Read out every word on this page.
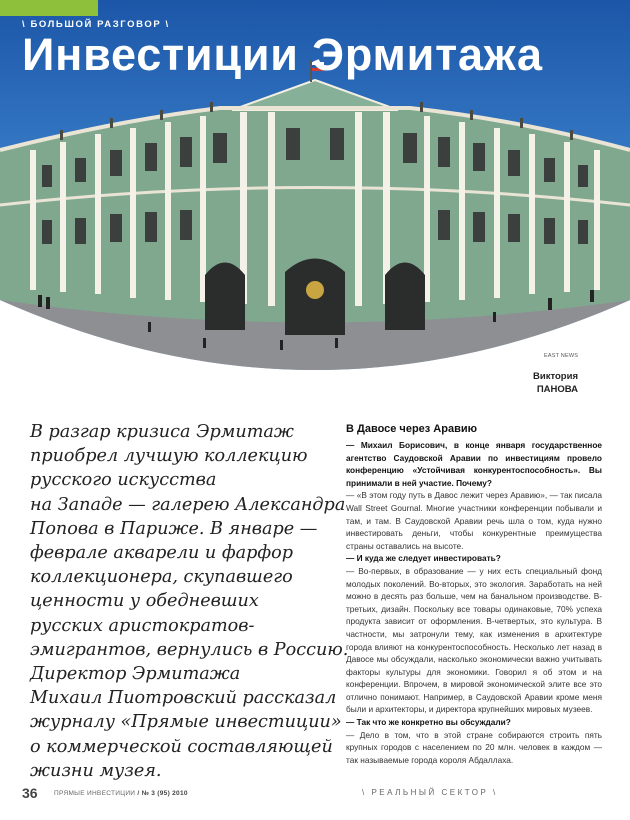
\ БОЛЬШОЙ РАЗГОВОР \
Инвестиции Эрмитажа
EAST NEWS
Виктория
ПАНОВА
В разгар кризиса Эрмитаж
приобрел лучшую коллекцию
русского искусства
на Западе — галерею Александра
Попова в Париже. В январе —
феврале акварели и фарфор
коллекционера, скупавшего
ценности у обедневших
русских аристократов-
эмигрантов, вернулись в Россию.
Директор Эрмитажа
Михаил Пиотровский рассказал
журналу «Прямые инвестиции»
о коммерческой составляющей
жизни музея.
В Давосе через Аравию

— Михаил Борисович, в конце января государственное агентство Саудовской Аравии по инвестициям провело конференцию «Устойчивая конкурентоспособность». Вы принимали в ней участие. Почему?

— «В этом году путь в Давос лежит через Аравию», — так писала Wall Street Gournal. Многие участники конференции побывали и там, и там. В Саудовской Аравии речь шла о том, куда нужно инвестировать деньги, чтобы конкурентные преимущества страны оставались на высоте.

— И куда же следует инвестировать?

— Во-первых, в образование — у них есть специальный фонд молодых поколений. Во-вторых, это экология. Заработать на ней можно в десять раз больше, чем на банальном производстве. В-третьих, дизайн. Поскольку все товары одинаковые, 70% успеха продукта зависит от оформления. В-четвертых, это культура. В частности, мы затронули тему, как изменения в архитектуре города влияют на конкурентоспособность. Несколько лет назад в Давосе мы обсуждали, насколько экономически важно учитывать факторы культуры для экономики. Говорил я об этом и на конференции. Впрочем, в мировой экономической элите все это отлично понимают. Например, в Саудовской Аравии кроме меня были и архитекторы, и директора крупнейших мировых музеев.

— Так что же конкретно вы обсуждали?

— Дело в том, что в этой стране собираются строить пять крупных городов с населением по 20 млн. человек в каждом — так называемые города короля Абдаллаха.

36	ПРЯМЫЕ ИНВЕСТИЦИИ / № 3 (95) 2010	\ РЕАЛЬНЫЙ СЕКТОР \
